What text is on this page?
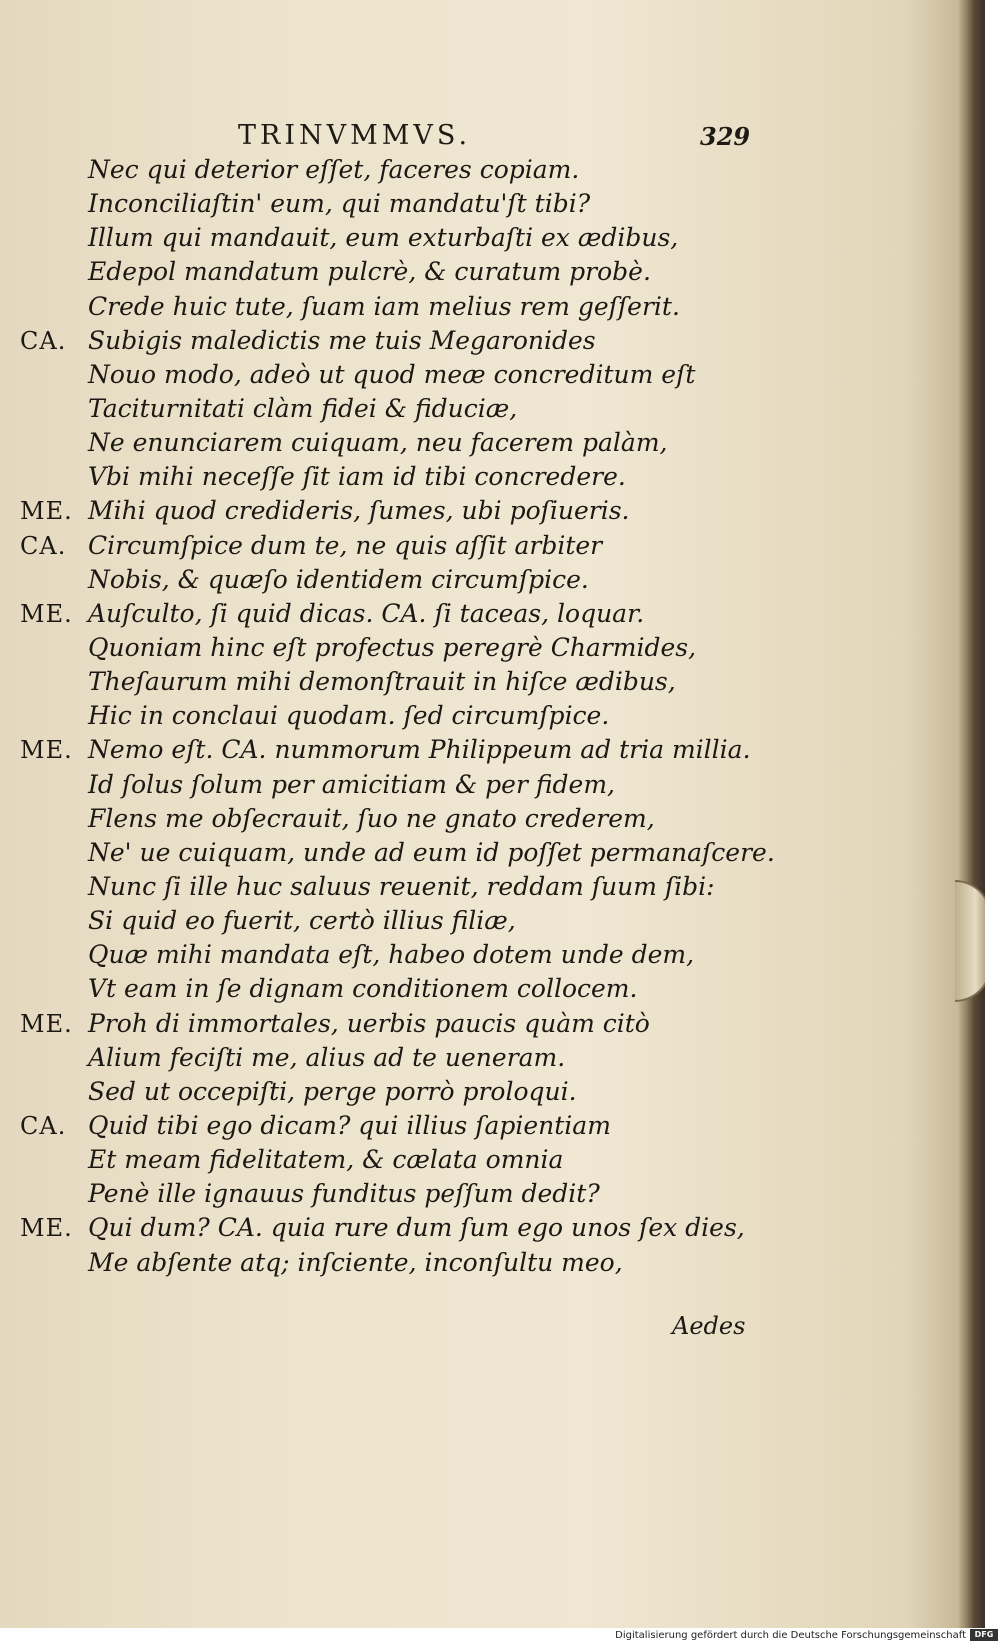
TRINVMMVS.	329
Nec qui deterior eſſet, faceres copiam.
Inconciliaſtin' eum, qui mandatu'ſt tibi?
Illum qui mandauit, eum exturbaſti ex ædibus,
Edepol mandatum pulcrè, & curatum probè.
Crede huic tute, ſuam iam melius rem geſſerit.
CA. Subigis maledictis me tuis Megaronides
Nouo modo, adeò ut quod meæ concreditum eſt
Taciturnitati clàm fidei & fiduciæ,
Ne enunciarem cuiquam, neu facerem palàm,
Vbi mihi neceſſe ſit iam id tibi concredere.
ME. Mihi quod credideris, ſumes, ubi poſiueris.
CA. Circumſpice dum te, ne quis aſſit arbiter
Nobis, & quæſo identidem circumſpice.
ME. Auſculto, ſi quid dicas. CA. ſi taceas, loquar.
Quoniam hinc eſt profectus peregrè Charmides,
Theſaurum mihi demonſtrauit in hiſce ædibus,
Hic in conclaui quodam. ſed circumſpice.
ME. Nemo eſt. CA. nummorum Philippeum ad tria millia.
Id ſolus ſolum per amicitiam & per fidem,
Flens me obſecrauit, ſuo ne gnato crederem,
Ne' ue cuiquam, unde ad eum id poſſet permanaſcere.
Nunc ſi ille huc saluus reuenit, reddam ſuum ſibi:
Si quid eo fuerit, certò illius filiæ,
Quæ mihi mandata eſt, habeo dotem unde dem,
Vt eam in ſe dignam conditionem collocem.
ME. Proh di immortales, uerbis paucis quàm citò
Alium feciſti me, alius ad te ueneram.
Sed ut occepiſti, perge porrò proloqui.
CA. Quid tibi ego dicam? qui illius ſapientiam
Et meam fidelitatem, & cælata omnia
Penè ille ignauus funditus peſſum dedit?
ME. Qui dum? CA. quia rure dum ſum ego unos ſex dies,
Me abſente atq; inſciente, inconſultu meo,
Aedes
Digitalisierung gefördert durch die Deutsche Forschungsgemeinschaft	DFG
